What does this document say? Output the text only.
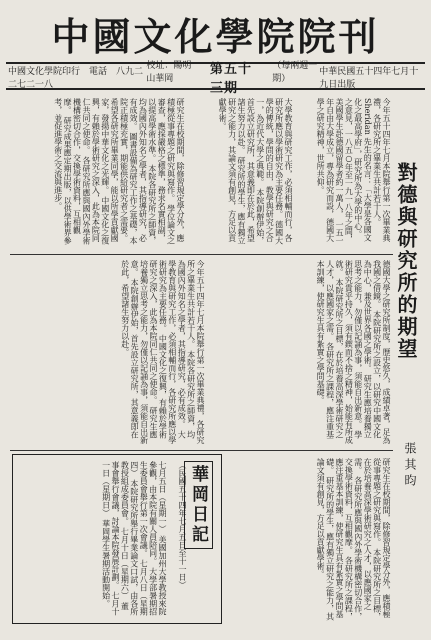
中國文化學院院刊
中國文化學院印行　電話　八九二二七二一八
校址：陽明山華岡
第五十三期
（每兩週一期）
中華民國五十四年七月十九日出版
對德與研究所的期望
張其昀
今年五十四年七月本院舉行第一次畢業典禮，各研究所之畢業生共計若干人。 Sheridan 先生的名言：「大學是各國文化之最高學府」，研究所為大學的中心。 之意見，一八五○年至一九一八年之間，美國學生赴德國留學者約一萬人， 一五一年自由大學成立，專為研究而設，德國大學之研究精神，世所共仰。
大學教育與研究工作，必須相輔而行，各研究所應以學術研究為主要任務。 德國大學的傳統，學問的自由，教學與研究之合一，為近代大學之典範。 本院創辦伊始，首先設立研究所，其意義即在於此，希望諸生努力以赴。 研究所的學生，應有獨立研究之能力，其論文須有創見，方足以貢獻學術。
研究生在校期間，除修習規定學分外，應積極從事專題之研究與寫作。 學位論文之審查，應採嚴格之標準，務求名實相副，以提高學術水準。 本院各研究所之師資，均為國內外知名之學者，其指導研究，必有成效。 圖書設備為研究工作之基礎，本院正積極充實，期能供給研究者之需要。 希望各研究所畢業同學，能以所學貢獻國家，發揚中華文化之光輝。 中國文化之復興，有賴於學術研究之深入，此為本院同仁共同之使命。 各研究所應與國內外學術機構密切合作，交換學術資料，互相觀摩。 研究成果應定期出版，以供學術界參考，並促進學術之交流與進步。
德國大學之研究所制度，歷史悠久，成績卓著，足為我國之借鏡。 本院研究所之設立，以研究中國文化為中心，兼及世界各國之學術。 研究生應培養獨立思考之能力，勿僅以記誦為事，須能自出新意。 學術研究貴乎持久，須有鍥而不捨之精神，始能有所成就。 本院研究所之目標，在於培養高深學術研究之人才，以應國家之需。 各研究所之課程，應注重基本訓練，使研究生具有紮實之學問基礎。
今年五十四年七月本院舉行第一次畢業典禮，各研究所之畢業生共計若干人。 本院各研究所之師資，均為國內外知名之學者，其指導研究，必有成效。 大學教育與研究工作，必須相輔而行，各研究所應以學術研究為主要任務。 中國文化之復興，有賴於學術研究之深入，此為本院同仁共同之使命。 研究生應培養獨立思考之能力，勿僅以記誦為事，須能自出新意。 本院創辦伊始，首先設立研究所，其意義即在於此，希望諸生努力以赴。
研究生在校期間，除修習規定學分外，應積極從事專題之研究與寫作。 本院研究所之目標，在於培養高深學術研究之人才，以應國家之需。 各研究所應與國內外學術機構密切合作，交換學術資料，互相觀摩。 各研究所之課程，應注重基本訓練，使研究生具有紮實之學問基礎。 研究所的學生，應有獨立研究之能力，其論文須有創見，方足以貢獻學術。
華岡日記
（民國五十四年七月五日至十一日）
七月五日（星期一） 美國加州大學教授來院參觀，由本院有關人員陪同。 大學部暑期招生委員會舉行第一次會議。 七月八日（星期四） 本院研究所舉行畢業論文口試，由各所教授組成委員會。 七月十日（星期六） 董事會舉行會議，討論本院發展計劃。 七月十一日（星期日） 華岡學生暑期活動開始。
